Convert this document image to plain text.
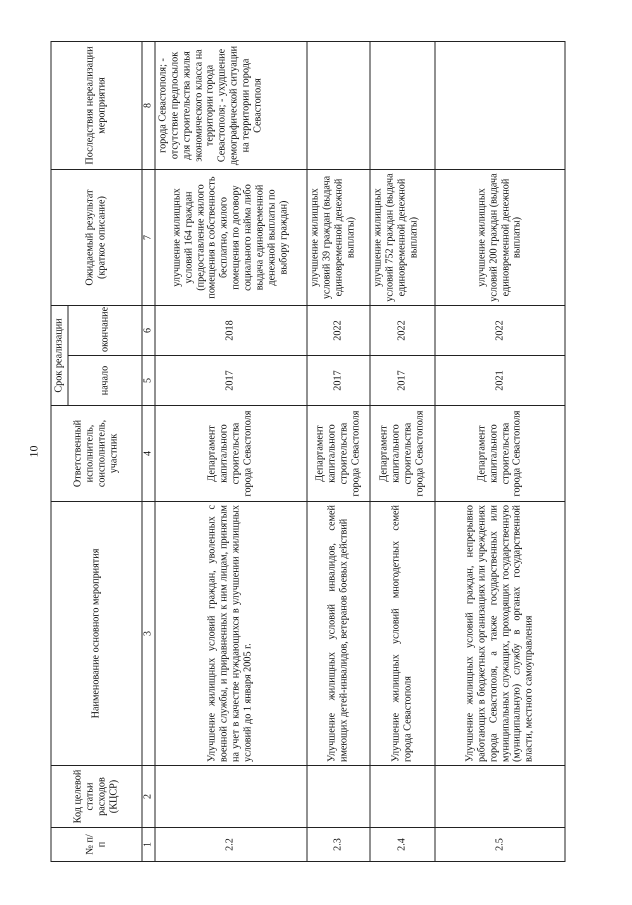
10
№ п/ п	Код целевой статьи расходов (КЦСР)	Наименование основного мероприятия	Ответственный исполнитель, соисполнитель, участник	Срок реализации		Ожидаемый результат (краткое описание)	Последствия нереализации мероприятия
				начало	окончание		
1	2	3	4	5	6	7	8
2.2		Улучшение жилищных условий граждан, уволенных с военной службы, и приравненных к ним лицам, принятым на учет в качестве нуждающихся в улучшении жилищных условий до 1 января 2005 г.	Департамент капитального строительства города Севастополя	2017	2018	улучшение жилищных условий 164 граждан (предоставление жилого помещения в собственность бесплатно, жилого помещения по договору социального найма либо выдача единовременной денежной выплаты по выбору граждан)	города Севастополя; - отсутствие предпосылок для строительства жилья экономического класса на территории города Севастополя; - ухудшение демографической ситуации на территории города Севастополя
2.3		Улучшение жилищных условий инвалидов, семей имеющих детей-инвалидов, ветеранов боевых действий	Департамент капитального строительства города Севастополя	2017	2022	улучшение жилищных условий 39 граждан (выдача единовременной денежной выплаты)	
2.4		Улучшение жилищных условий многодетных семей города Севастополя	Департамент капитального строительства города Севастополя	2017	2022	улучшение жилищных условий 752 граждан (выдача единовременной денежной выплаты)	
2.5		Улучшение жилищных условий граждан, непрерывно работающих в бюджетных организациях или учреждениях города Севастополя, а также государственных или муниципальных служащих, проходящих государственную (муниципальную) службу в органах государственной власти, местного самоуправления	Департамент капитального строительства города Севастополя	2021	2022	улучшение жилищных условий 200 граждан (выдача единовременной денежной выплаты)	
